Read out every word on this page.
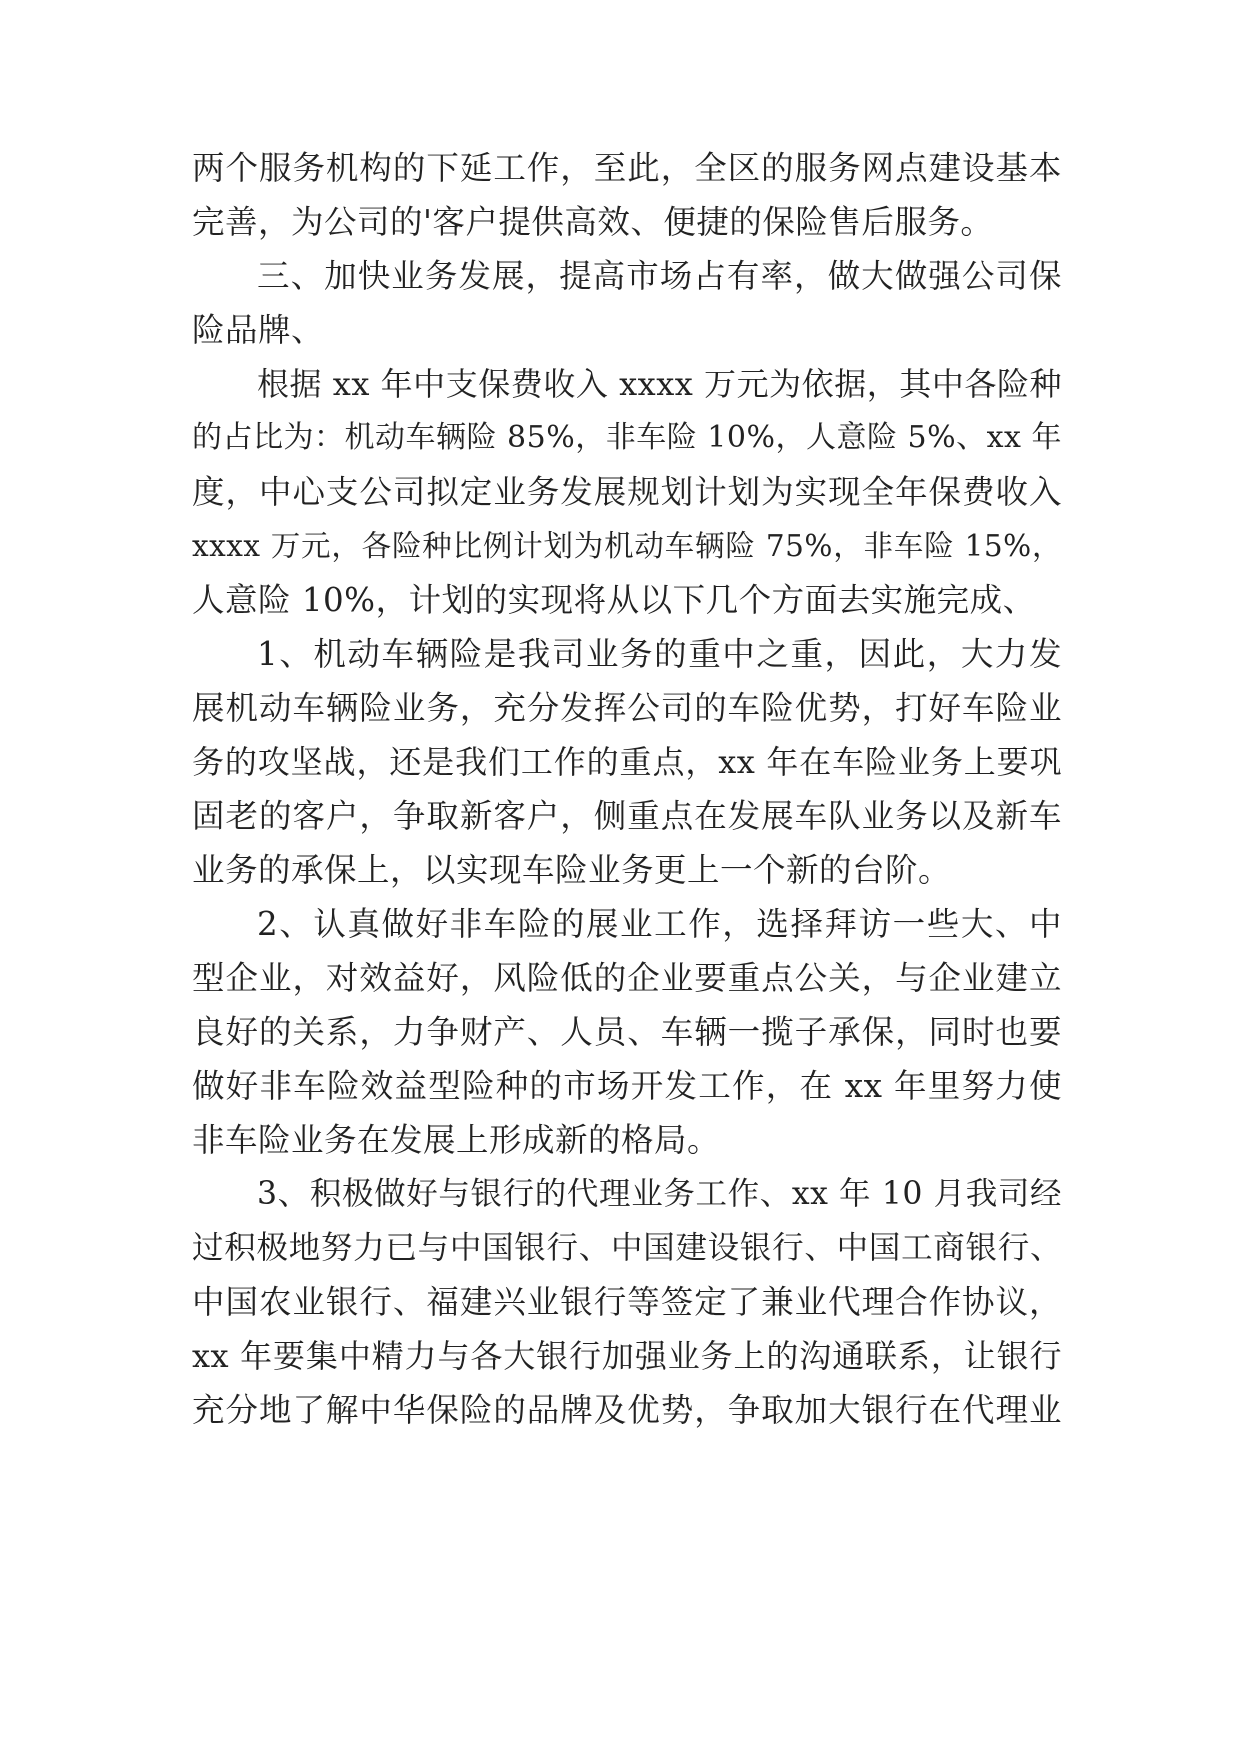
两个服务机构的下延工作，至此，全区的服务网点建设基本
完善，为公司的'客户提供高效、便捷的保险售后服务。
三、加快业务发展，提高市场占有率，做大做强公司保
险品牌、
根据 xx 年中支保费收入 xxxx 万元为依据，其中各险种
的占比为：机动车辆险 85%，非车险 10%，人意险 5%、xx 年
度，中心支公司拟定业务发展规划计划为实现全年保费收入
xxxx 万元，各险种比例计划为机动车辆险 75%，非车险 15%，
人意险 10%，计划的实现将从以下几个方面去实施完成、
1、机动车辆险是我司业务的重中之重，因此，大力发
展机动车辆险业务，充分发挥公司的车险优势，打好车险业
务的攻坚战，还是我们工作的重点，xx 年在车险业务上要巩
固老的客户，争取新客户，侧重点在发展车队业务以及新车
业务的承保上，以实现车险业务更上一个新的台阶。
2、认真做好非车险的展业工作，选择拜访一些大、中
型企业，对效益好，风险低的企业要重点公关，与企业建立
良好的关系，力争财产、人员、车辆一揽子承保，同时也要
做好非车险效益型险种的市场开发工作，在 xx 年里努力使
非车险业务在发展上形成新的格局。
3、积极做好与银行的代理业务工作、xx 年 10 月我司经
过积极地努力已与中国银行、中国建设银行、中国工商银行、
中国农业银行、福建兴业银行等签定了兼业代理合作协议，
xx 年要集中精力与各大银行加强业务上的沟通联系，让银行
充分地了解中华保险的品牌及优势，争取加大银行在代理业
